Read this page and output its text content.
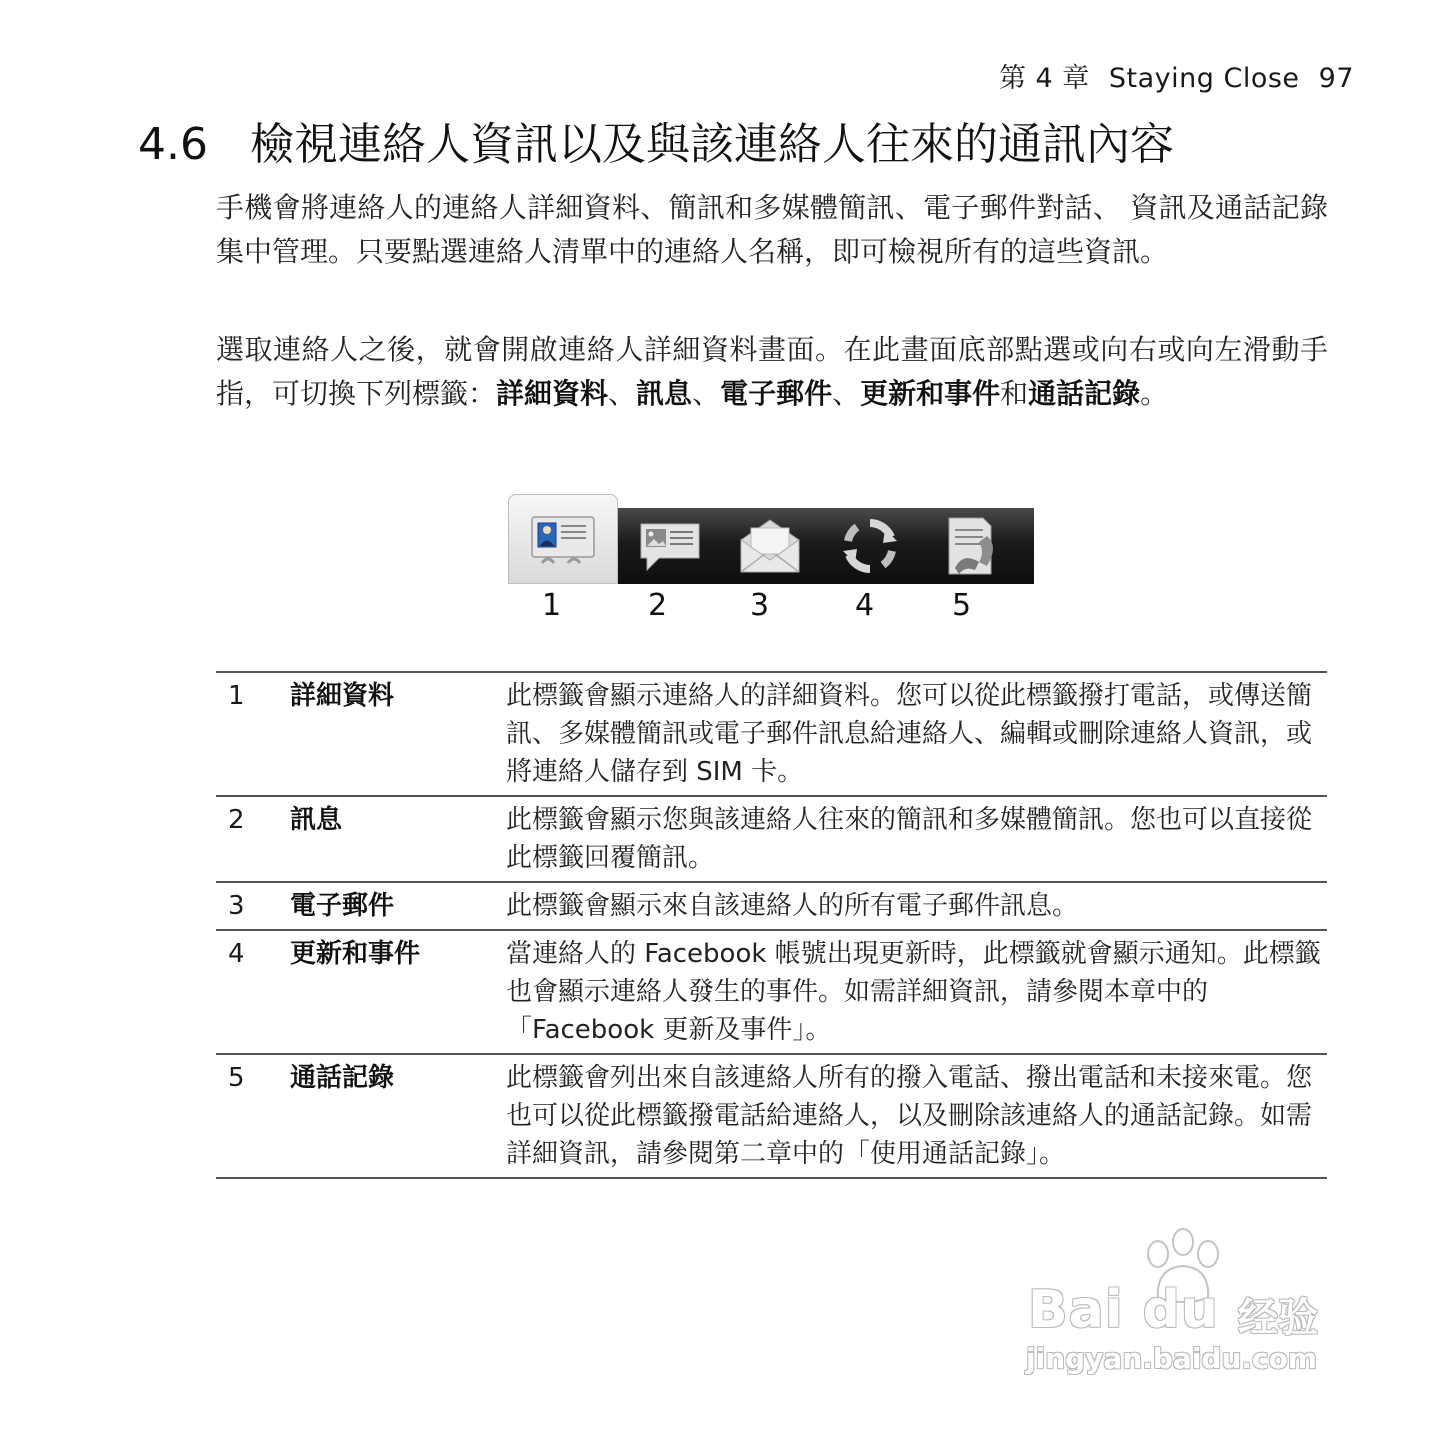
第 4 章 Staying Close 97
4.6 檢視連絡人資訊以及與該連絡人往來的通訊內容
手機會將連絡人的連絡人詳細資料、簡訊和多媒體簡訊、電子郵件對話、 資訊及通話記錄集中管理。只要點選連絡人清單中的連絡人名稱，即可檢視所有的這些資訊。
選取連絡人之後，就會開啟連絡人詳細資料畫面。在此畫面底部點選或向右或向左滑動手指，可切換下列標籤：詳細資料、訊息、電子郵件、更新和事件和通話記錄。
1	2	3	4	5
1	詳細資料	此標籤會顯示連絡人的詳細資料。您可以從此標籤撥打電話，或傳送簡訊、多媒體簡訊或電子郵件訊息給連絡人、編輯或刪除連絡人資訊，或將連絡人儲存到 SIM 卡。
2	訊息	此標籤會顯示您與該連絡人往來的簡訊和多媒體簡訊。您也可以直接從此標籤回覆簡訊。
3	電子郵件	此標籤會顯示來自該連絡人的所有電子郵件訊息。
4	更新和事件	當連絡人的 Facebook 帳號出現更新時，此標籤就會顯示通知。此標籤也會顯示連絡人發生的事件。如需詳細資訊，請參閱本章中的「Facebook 更新及事件」。
5	通話記錄	此標籤會列出來自該連絡人所有的撥入電話、撥出電話和未接來電。您也可以從此標籤撥電話給連絡人，以及刪除該連絡人的通話記錄。如需詳細資訊，請參閱第二章中的「使用通話記錄」。
Bai du 经验
jingyan.baidu.com
